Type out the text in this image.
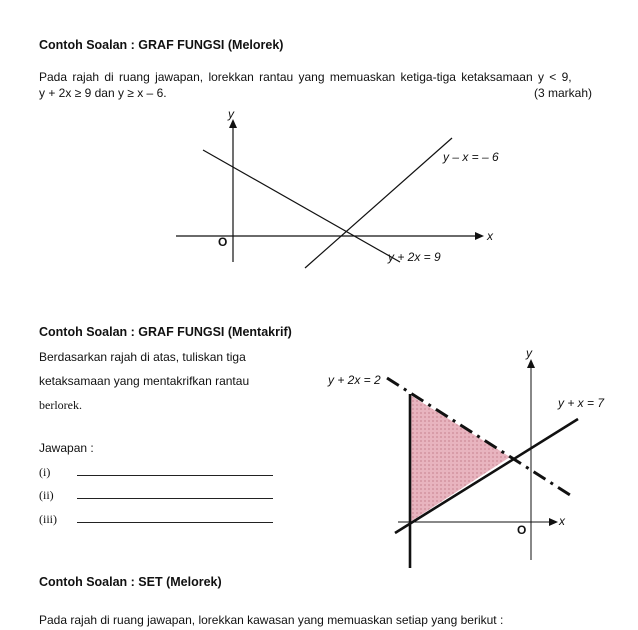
Contoh Soalan : GRAF FUNGSI (Melorek)
Pada rajah di ruang jawapan, lorekkan rantau yang memuaskan ketiga-tiga ketaksamaan y < 9,
y + 2x ≥ 9 dan y ≥ x – 6.	(3 markah)
y
x
O
y – x = – 6
y + 2x = 9
Contoh Soalan : GRAF FUNGSI (Mentakrif)
Berdasarkan rajah di atas, tuliskan tiga
ketaksamaan yang mentakrifkan rantau
berlorek.
Jawapan :
(i)
(ii)
(iii)
y
x
O
y + 2x = 2
y + x = 7
Contoh Soalan : SET (Melorek)
Pada rajah di ruang jawapan, lorekkan kawasan yang memuaskan setiap yang berikut :
